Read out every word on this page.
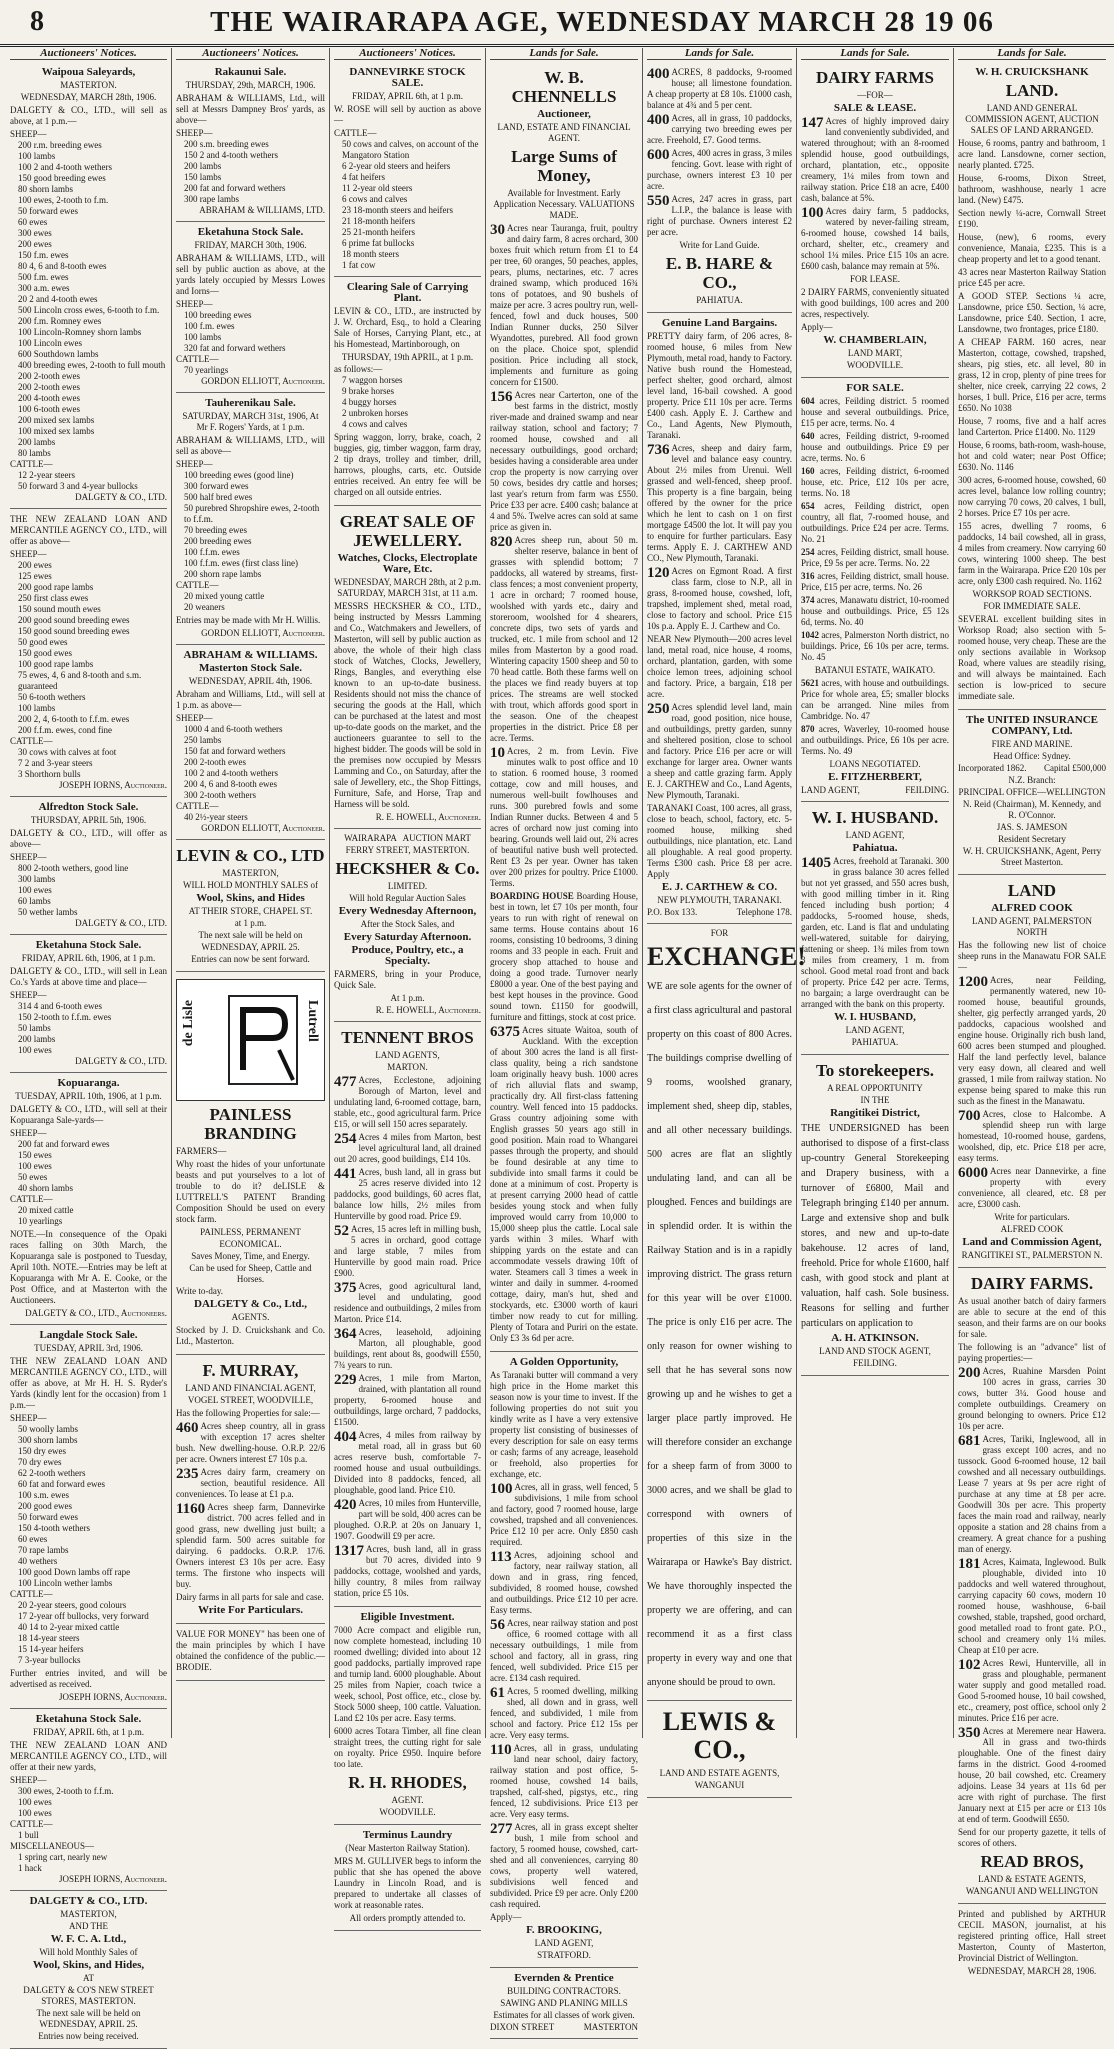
8	THE WAIRARAPA AGE, WEDNESDAY MARCH 28 19 06
Auctioneers' Notices.
Waipoua Saleyards,
MASTERTON.
WEDNESDAY, MARCH 28th, 1906.
DALGETY & CO., LTD., will sell as above, at 1 p.m.—
SHEEP—
200 r.m. breeding ewes
100 lambs
100 2 and 4-tooth wethers
150 good breeding ewes
80 shorn lambs
100 ewes, 2-tooth to f.m.
50 forward ewes
60 ewes
300 ewes
200 ewes
150 f.m. ewes
80 4, 6 and 8-tooth ewes
500 f.m. ewes
300 a.m. ewes
20 2 and 4-tooth ewes
500 Lincoln cross ewes, 6-tooth to f.m.
200 f.m. Romney ewes
100 Lincoln-Romney shorn lambs
100 Lincoln ewes
600 Southdown lambs
400 breeding ewes, 2-tooth to full mouth
200 2-tooth ewes
200 2-tooth ewes
200 4-tooth ewes
100 6-tooth ewes
200 mixed sex lambs
100 mixed sex lambs
200 lambs
80 lambs
CATTLE—
12 2-year steers
50 forward 3 and 4-year bullocks
DALGETY & CO., LTD.
THE NEW ZEALAND LOAN AND MERCANTILE AGENCY CO., LTD., will offer as above—
SHEEP—
200 ewes
125 ewes
200 good rape lambs
250 first class ewes
150 sound mouth ewes
200 good sound breeding ewes
150 good sound breeding ewes
50 good ewes
150 good ewes
100 good rape lambs
75 ewes, 4, 6 and 8-tooth and s.m. guaranteed
50 6-tooth wethers
100 lambs
200 2, 4, 6-tooth to f.f.m. ewes
200 f.f.m. ewes, cond fine
CATTLE—
30 cows with calves at foot
7 2 and 3-year steers
3 Shorthorn bulls
JOSEPH IORNS, Auctioneer.
Alfredton Stock Sale.
THURSDAY, APRIL 5th, 1906.
DALGETY & CO., LTD., will offer as above—
SHEEP—
800 2-tooth wethers, good line
300 lambs
100 ewes
60 lambs
50 wether lambs
DALGETY & CO., LTD.
Eketahuna Stock Sale.
FRIDAY, APRIL 6th, 1906, at 1 p.m.
DALGETY & CO., LTD., will sell in Lean Co.'s Yards at above time and place—
SHEEP—
314 4 and 6-tooth ewes
150 2-tooth to f.f.m. ewes
50 lambs
200 lambs
100 ewes
DALGETY & CO., LTD.
Kopuaranga.
TUESDAY, APRIL 10th, 1906, at 1 p.m.
DALGETY & CO., LTD., will sell at their Kopuaranga Sale-yards—
SHEEP—
200 fat and forward ewes
150 ewes
100 ewes
50 ewes
40 shorn lambs
CATTLE—
20 mixed cattle
10 yearlings
NOTE.—In consequence of the Opaki races falling on 30th March, the Kopuaranga sale is postponed to Tuesday, April 10th. NOTE.—Entries may be left at Kopuaranga with Mr A. E. Cooke, or the Post Office, and at Masterton with the Auctioneers.
DALGETY & CO., LTD., Auctioneers.
Langdale Stock Sale.
TUESDAY, APRIL 3rd, 1906.
THE NEW ZEALAND LOAN AND MERCANTILE AGENCY CO., LTD., will offer as above, at Mr H. H. S. Ryder's Yards (kindly lent for the occasion) from 1 p.m.—
SHEEP—
50 woolly lambs
300 shorn lambs
150 dry ewes
70 dry ewes
62 2-tooth wethers
60 fat and forward ewes
100 s.m. ewes
200 good ewes
50 forward ewes
150 4-tooth wethers
60 ewes
70 rape lambs
40 wethers
100 good Down lambs off rape
100 Lincoln wether lambs
CATTLE—
20 2-year steers, good colours
17 2-year off bullocks, very forward
40 14 to 2-year mixed cattle
18 14-year steers
15 14-year heifers
7 3-year bullocks
Further entries invited, and will be advertised as received.
JOSEPH IORNS, Auctioneer.
Eketahuna Stock Sale.
FRIDAY, APRIL 6th, at 1 p.m.
THE NEW ZEALAND LOAN AND MERCANTILE AGENCY CO., LTD., will offer at their new yards,
SHEEP—
300 ewes, 2-tooth to f.f.m.
100 ewes
100 ewes
CATTLE—
1 bull
MISCELLANEOUS—
1 spring cart, nearly new
1 hack
JOSEPH IORNS, Auctioneer.
DALGETY & CO., LTD.
MASTERTON,
AND THE
W. F. C. A. Ltd.,
Will hold Monthly Sales of
Wool, Skins, and Hides,
AT
DALGETY & CO'S NEW STREET STORES, MASTERTON.
The next sale will be held on WEDNESDAY, APRIL 25.
Entries now being received.
Auctioneers' Notices.
Rakaunui Sale.
THURSDAY, 29th, MARCH, 1906.
ABRAHAM & WILLIAMS, Ltd., will sell at Messrs Dampney Bros' yards, as above—
SHEEP—
200 s.m. breeding ewes
150 2 and 4-tooth wethers
200 lambs
150 lambs
200 fat and forward wethers
300 rape lambs
ABRAHAM & WILLIAMS, LTD.
Eketahuna Stock Sale.
FRIDAY, MARCH 30th, 1906.
ABRAHAM & WILLIAMS, LTD., will sell by public auction as above, at the yards lately occupied by Messrs Lowes and Iorns—
SHEEP—
100 breeding ewes
100 f.m. ewes
100 lambs
320 fat and forward wethers
CATTLE—
70 yearlings
GORDON ELLIOTT, Auctioneer.
Tauherenikau Sale.
SATURDAY, MARCH 31st, 1906, At Mr F. Rogers' Yards, at 1 p.m.
ABRAHAM & WILLIAMS, LTD., will sell as above—
SHEEP—
100 breeding ewes (good line)
300 forward ewes
500 half bred ewes
50 purebred Shropshire ewes, 2-tooth to f.f.m.
70 breeding ewes
200 breeding ewes
100 f.f.m. ewes
100 f.f.m. ewes (first class line)
200 shorn rape lambs
CATTLE—
20 mixed young cattle
20 weaners
Entries may be made with Mr H. Willis.
GORDON ELLIOTT, Auctioneer.
ABRAHAM & WILLIAMS.
Masterton Stock Sale.
WEDNESDAY, APRIL 4th, 1906.
Abraham and Williams, Ltd., will sell at 1 p.m. as above—
SHEEP—
1000 4 and 6-tooth wethers
250 lambs
150 fat and forward wethers
200 2-tooth ewes
100 2 and 4-tooth wethers
200 4, 6 and 8-tooth ewes
300 2-tooth wethers
CATTLE—
40 2½-year steers
GORDON ELLIOTT, Auctioneer.
LEVIN & CO., LTD
MASTERTON,
WILL HOLD MONTHLY SALES of
Wool, Skins, and Hides
AT THEIR STORE, CHAPEL ST.
at 1 p.m.
The next sale will be held on
WEDNESDAY, APRIL 25.
Entries can now be sent forward.
de Lisle	Lutrell
PAINLESS BRANDING
FARMERS—
Why roast the hides of your unfortunate beasts and put yourselves to a lot of trouble to do it? deLISLE & LUTTRELL'S PATENT Branding Composition Should be used on every stock farm.
PAINLESS, PERMANENT
ECONOMICAL.
Saves Money, Time, and Energy.
Can be used for Sheep, Cattle and Horses.
Write to-day.
DALGETY & Co., Ltd.,
AGENTS.
Stocked by J. D. Cruickshank and Co. Ltd., Masterton.
F. MURRAY,
LAND AND FINANCIAL AGENT,
VOGEL STREET, WOODVILLE,
Has the following Properties for sale:—
460 Acres sheep country, all in grass with exception 17 acres shelter bush. New dwelling-house. O.R.P. 22/6 per acre. Owners interest £7 10s p.a.
235 Acres dairy farm, creamery on section, beautiful residence. All conveniences. To lease at £1 p.a.
1160 Acres sheep farm, Dannevirke district. 700 acres felled and in good grass, new dwelling just built; a splendid farm. 500 acres suitable for dairying. 6 paddocks. O.R.P. 17/6. Owners interest £3 10s per acre. Easy terms. The firstone who inspects will buy.
Dairy farms in all parts for sale and case.
Write For Particulars.
VALUE FOR MONEY" has been one of the main principles by which I have obtained the confidence of the public.—BRODIE.
Auctioneers' Notices.
DANNEVIRKE STOCK SALE.
FRIDAY, APRIL 6th, at 1 p.m.
W. ROSE will sell by auction as above—
CATTLE—
50 cows and calves, on account of the Mangatoro Station
6 2-year old steers and heifers
4 fat heifers
11 2-year old steers
6 cows and calves
23 18-month steers and heifers
21 18-month heifers
25 21-month heifers
6 prime fat bullocks
18 month steers
1 fat cow
Clearing Sale of Carrying Plant.
LEVIN & CO., LTD., are instructed by J. W. Orchard, Esq., to hold a Clearing Sale of Horses, Carrying Plant, etc., at his Homestead, Martinborough, on
THURSDAY, 19th APRIL, at 1 p.m.
as follows:—
7 waggon horses
9 brake horses
4 buggy horses
2 unbroken horses
4 cows and calves
Spring waggon, lorry, brake, coach, 2 buggies, gig, timber waggon, farm dray, 2 tip drays, trolley and timber, drill, harrows, ploughs, carts, etc. Outside entries received. An entry fee will be charged on all outside entries.
GREAT SALE OF JEWELLERY.
Watches, Clocks, Electroplate Ware, Etc.
WEDNESDAY, MARCH 28th, at 2 p.m. SATURDAY, MARCH 31st, at 11 a.m.
MESSRS HECKSHER & CO., LTD., being instructed by Messrs Lamming and Co., Watchmakers and Jewellers, of Masterton, will sell by public auction as above, the whole of their high class stock of Watches, Clocks, Jewellery, Rings, Bangles, and everything else known to an up-to-date business. Residents should not miss the chance of securing the goods at the Hall, which can be purchased at the latest and most up-to-date goods on the market, and the auctioneers guarantee to sell to the highest bidder. The goods will be sold in the premises now occupied by Messrs Lamming and Co., on Saturday, after the sale of Jewellery, etc., the Shop Fittings, Furniture, Safe, and Horse, Trap and Harness will be sold.
R. E. HOWELL, Auctioneer.
WAIRARAPA AUCTION MART
FERRY STREET, MASTERTON.
HECKSHER & Co.
LIMITED.
Will hold Regular Auction Sales
Every Wednesday Afternoon,
After the Stock Sales, and
Every Saturday Afternoon.
Produce, Poultry, etc., a Specialty.
FARMERS, bring in your Produce, Quick Sale.
At 1 p.m.
R. E. HOWELL, Auctioneer.
TENNENT BROS
LAND AGENTS,
MARTON.
477 Acres, Ecclestone, adjoining Borough of Marton, level and undulating land, 6-roomed cottage, barn, stable, etc., good agricultural farm. Price £15, or will sell 150 acres separately.
254 Acres 4 miles from Marton, best level agricultural land, all drained out 20 acres, good buildings, £14 10s.
441 Acres, bush land, all in grass but 25 acres reserve divided into 12 paddocks, good buildings, 60 acres flat, balance low hills, 2½ miles from Hunterville by good road. Price £9.
52 Acres, 15 acres left in milling bush, 5 acres in orchard, good cottage and large stable, 7 miles from Hunterville by good main road. Price £900.
375 Acres, good agricultural land, level and undulating, good residence and outbuildings, 2 miles from Marton. Price £14.
364 Acres, leasehold, adjoining Marton, all ploughable, good buildings, rent about 8s, goodwill £550, 7¾ years to run.
229 Acres, 1 mile from Marton, drained, with plantation all round property, 6-roomed house and outbuildings, large orchard, 7 paddocks, £1500.
404 Acres, 4 miles from railway by metal road, all in grass but 60 acres reserve bush, comfortable 7-roomed house and usual outbuildings. Divided into 8 paddocks, fenced, all ploughable, good land. Price £10.
420 Acres, 10 miles from Hunterville, part will be sold, 400 acres can be ploughed. O.R.P. at 20s on January 1, 1907. Goodwill £9 per acre.
1317 Acres, bush land, all in grass but 70 acres, divided into 9 paddocks, cottage, woolshed and yards, hilly country, 8 miles from railway station, price £5 10s.
Eligible Investment.
7000 Acre compact and eligible run, now complete homestead, including 10 roomed dwelling; divided into about 12 good paddocks, partially improved rape and turnip land. 6000 ploughable. About 25 miles from Napier, coach twice a week, school, Post office, etc., close by. Stock 5000 sheep, 100 cattle. Valuation. Land £2 10s per acre. Easy terms.
6000 acres Totara Timber, all fine clean straight trees, the cutting right for sale on royalty. Price £950. Inquire before too late.
R. H. RHODES,
AGENT.
WOODVILLE.
Terminus Laundry
(Near Masterton Railway Station).
MRS M. GULLIVER begs to inform the public that she has opened the above Laundry in Lincoln Road, and is prepared to undertake all classes of work at reasonable rates.
All orders promptly attended to.
Lands for Sale.
W. B. CHENNELLS
Auctioneer,
LAND, ESTATE AND FINANCIAL AGENT.
Large Sums of Money,
Available for Investment. Early Application Necessary. VALUATIONS MADE.
30 Acres near Tauranga, fruit, poultry and dairy farm, 8 acres orchard, 300 boxes fruit which return from £1 to £4 per tree, 60 oranges, 50 peaches, apples, pears, plums, nectarines, etc. 7 acres drained swamp, which produced 16¾ tons of potatoes, and 90 bushels of maize per acre. 3 acres poultry run, well-fenced, fowl and duck houses, 500 Indian Runner ducks, 250 Silver Wyandottes, purebred. All food grown on the place. Choice spot, splendid position. Price including all stock, implements and furniture as going concern for £1500.
156 Acres near Carterton, one of the best farms in the district, mostly river-made and drained swamp and near railway station, school and factory; 7 roomed house, cowshed and all necessary outbuildings, good orchard; besides having a considerable area under crop the property is now carrying over 50 cows, besides dry cattle and horses; last year's return from farm was £550. Price £33 per acre. £400 cash; balance at 4 and 5%. Twelve acres can sold at same price as given in.
820 Acres sheep run, about 50 m. shelter reserve, balance in bent of grasses with splendid bottom; 7 paddocks, all watered by streams, first-class fences; a most convenient property, 1 acre in orchard; 7 roomed house, woolshed with yards etc., dairy and storeroom, woolshed for 4 shearers, concrete dips, two sets of yards and trucked, etc. 1 mile from school and 12 miles from Masterton by a good road. Wintering capacity 1500 sheep and 50 to 70 head cattle. Both these farms well on the places we find ready buyers at top prices. The streams are well stocked with trout, which affords good sport in the season. One of the cheapest properties in the district. Price £8 per acre. Terms.
10 Acres, 2 m. from Levin. Five minutes walk to post office and 10 to station. 6 roomed house, 3 roomed cottage, cow and mill houses, and numerous well-built fowlhouses and runs. 300 purebred fowls and some Indian Runner ducks. Between 4 and 5 acres of orchard now just coming into bearing. Grounds well laid out, 2¾ acres of beautiful native bush well protected. Rent £3 2s per year. Owner has taken over 200 prizes for poultry. Price £1000. Terms.
BOARDING HOUSE Boarding House, best in town, let £7 10s per month, four years to run with right of renewal on same terms. House contains about 16 rooms, consisting 10 bedrooms, 3 dining rooms and 33 people in each. Fruit and grocery shop attached to house and doing a good trade. Turnover nearly £8000 a year. One of the best paying and best kept houses in the province. Good sound town. £1150 for goodwill, furniture and fittings, stock at cost price.
6375 Acres situate Waitoa, south of Auckland. With the exception of about 300 acres the land is all first-class quality, being a rich sandstone loam originally heavy bush. 1000 acres of rich alluvial flats and swamp, practically dry. All first-class fattening country. Well fenced into 15 paddocks. Grass country adjoining some with English grasses 50 years ago still in good position. Main road to Whangarei passes through the property, and should be found desirable at any time to subdivide into small farms it could be done at a minimum of cost. Property is at present carrying 2000 head of cattle besides young stock and when fully improved would carry from 10,000 to 15,000 sheep plus the cattle. Local sale yards within 3 miles. Wharf with shipping yards on the estate and can accommodate vessels drawing 10ft of water. Steamers call 3 times a week in winter and daily in summer. 4-roomed cottage, dairy, man's hut, shed and stockyards, etc. £3000 worth of kauri timber now ready to cut for milling. Plenty of Totara and Puriri on the estate. Only £3 3s 6d per acre.
A Golden Opportunity,
As Taranaki butter will command a very high price in the Home market this season now is your time to invest. If the following properties do not suit you kindly write as I have a very extensive property list consisting of businesses of every description for sale on easy terms or cash; farms of any acreage, leasehold or freehold, also properties for exchange, etc.
100 Acres, all in grass, well fenced, 5 subdivisions, 1 mile from school and factory, good 7 roomed house, large cowshed, trapshed and all conveniences. Price £12 10 per acre. Only £850 cash required.
113 Acres, adjoining school and factory, near railway station, all down and in grass, ring fenced, subdivided, 8 roomed house, cowshed and outbuildings. Price £12 10 per acre. Easy terms.
56 Acres, near railway station and post office, 6 roomed cottage with all necessary outbuildings, 1 mile from school and factory, all in grass, ring fenced, well subdivided. Price £15 per acre. £134 cash required.
61 Acres, 5 roomed dwelling, milking shed, all down and in grass, well fenced, and subdivided, 1 mile from school and factory. Price £12 15s per acre. Very easy terms.
110 Acres, all in grass, undulating land near school, dairy factory, railway station and post office, 5-roomed house, cowshed 14 bails, trapshed, calf-shed, pigstys, etc., ring fenced, 12 subdivisions. Price £13 per acre. Very easy terms.
277 Acres, all in grass except shelter bush, 1 mile from school and factory, 5 roomed house, cowshed, cart-shed and all conveniences, carrying 80 cows, property well watered, subdivisions well fenced and subdivided. Price £9 per acre. Only £200 cash required.
Apply—
F. BROOKING,
LAND AGENT,
STRATFORD.
Evernden & Prentice
BUILDING CONTRACTORS.
SAWING AND PLANING MILLS
Estimates for all classes of work given.
DIXON STREET	MASTERTON
Lands for Sale.
400 ACRES, 8 paddocks, 9-roomed house; all limestone foundation. A cheap property at £8 10s. £1000 cash, balance at 4¾ and 5 per cent.
400 Acres, all in grass, 10 paddocks, carrying two breeding ewes per acre. Freehold, £7. Good terms.
600 Acres, 400 acres in grass, 3 miles fencing. Govt. lease with right of purchase, owners interest £3 10 per acre.
550 Acres, 247 acres in grass, part L.I.P., the balance is lease with right of purchase. Owners interest £2 per acre.
Write for Land Guide.
E. B. HARE & CO.,
PAHIATUA.
Genuine Land Bargains.
PRETTY dairy farm, of 206 acres, 8-roomed house, 6 miles from New Plymouth, metal road, handy to Factory. Native bush round the Homestead, perfect shelter, good orchard, almost level land, 16-bail cowshed. A good property. Price £11 10s per acre. Terms £400 cash. Apply E. J. Carthew and Co., Land Agents, New Plymouth, Taranaki.
736 Acres, sheep and dairy farm, level and balance easy country. About 2½ miles from Urenui. Well grassed and well-fenced, sheep proof. This property is a fine bargain, being offered by the owner for the price which he lent to cash on 1 on first mortgage £4500 the lot. It will pay you to enquire for further particulars. Easy terms. Apply E. J. CARTHEW AND CO., New Plymouth, Taranaki.
120 Acres on Egmont Road. A first class farm, close to N.P., all in grass, 8-roomed house, cowshed, loft, trapshed, implement shed, metal road, close to factory and school. Price £15 10s p.a. Apply E. J. Carthew and Co.
NEAR New Plymouth—200 acres level land, metal road, nice house, 4 rooms, orchard, plantation, garden, with some choice lemon trees, adjoining school and factory. Price, a bargain, £18 per acre.
250 Acres splendid level land, main road, good position, nice house, and outbuildings, pretty garden, sunny and sheltered position, close to school and factory. Price £16 per acre or will exchange for larger area. Owner wants a sheep and cattle grazing farm. Apply E. J. CARTHEW and Co., Land Agents, New Plymouth, Taranaki.
TARANAKI Coast, 100 acres, all grass, close to beach, school, factory, etc. 5-roomed house, milking shed outbuildings, nice plantation, etc. Land all ploughable. A real good property. Terms £300 cash. Price £8 per acre. Apply
E. J. CARTHEW & CO.
NEW PLYMOUTH, TARANAKI.
P.O. Box 133.	Telephone 178.
FOR
EXCHANGE!
WE are sole agents for the owner of a first class agricultural and pastoral property on this coast of 800 Acres. The buildings comprise dwelling of 9 rooms, woolshed granary, implement shed, sheep dip, stables, and all other necessary buildings. 500 acres are flat an slightly undulating land, and can all be ploughed. Fences and buildings are in splendid order. It is within the Railway Station and is in a rapidly improving district. The grass return for this year will be over £1000. The price is only £16 per acre. The only reason for owner wishing to sell that he has several sons now growing up and he wishes to get a larger place partly improved. He will therefore consider an exchange for a sheep farm of from 3000 to 3000 acres, and we shall be glad to correspond with owners of properties of this size in the Wairarapa or Hawke's Bay district. We have thoroughly inspected the property we are offering, and can recommend it as a first class property in every way and one that anyone should be proud to own.
LEWIS & CO.,
LAND AND ESTATE AGENTS,
WANGANUI
Lands for Sale.
DAIRY FARMS
—FOR—
SALE & LEASE.
147 Acres of highly improved dairy land conveniently subdivided, and watered throughout; with an 8-roomed splendid house, good outbuildings, orchard, plantation, etc., opposite creamery, 1¼ miles from town and railway station. Price £18 an acre, £400 cash, balance at 5%.
100 Acres dairy farm, 5 paddocks, watered by never-failing stream, 6-roomed house, cowshed 14 bails, orchard, shelter, etc., creamery and school 1¼ miles. Price £15 10s an acre. £600 cash, balance may remain at 5%.
FOR LEASE.
2 DAIRY FARMS, conveniently situated with good buildings, 100 acres and 200 acres, respectively.
Apply—
W. CHAMBERLAIN,
LAND MART,
WOODVILLE.
FOR SALE.
604 acres, Feilding district. 5 roomed house and several outbuildings. Price, £15 per acre, terms. No. 4
640 acres, Feilding district, 9-roomed house and outbuildings. Price £9 per acre, terms. No. 6
160 acres, Feilding district, 6-roomed house, etc. Price, £12 10s per acre, terms. No. 18
654 acres, Feilding district, open country, all flat, 7-roomed house, and outbuildings. Price £24 per acre. Terms. No. 21
254 acres, Feilding district, small house. Price, £9 5s per acre. Terms. No. 22
316 acres, Feilding district, small house. Price, £15 per acre, terms. No. 26
374 acres, Manawatu district, 10-roomed house and outbuildings. Price, £5 12s 6d, terms. No. 40
1042 acres, Palmerston North district, no buildings. Price, £6 10s per acre, terms. No. 45
BATANUI ESTATE, WAIKATO.
5621 acres, with house and outbuildings. Price for whole area, £5; smaller blocks can be arranged. Nine miles from Cambridge. No. 47
870 acres, Waverley, 10-roomed house and outbuildings. Price, £6 10s per acre. Terms. No. 49
LOANS NEGOTIATED.
E. FITZHERBERT,
LAND AGENT,	FEILDING.
W. I. HUSBAND.
LAND AGENT,
Pahiatua.
1405 Acres, freehold at Taranaki. 300 in grass balance 30 acres felled but not yet grassed, and 550 acres bush, with good milling timber in it. Ring fenced including bush portion; 4 paddocks, 5-roomed house, sheds, garden, etc. Land is flat and undulating well-watered, suitable for dairying, fattening or sheep. 1¾ miles from town 3 miles from creamery, 1 m. from school. Good metal road front and back of property. Price £42 per acre. Terms, no bargain; a large overdraught can be arranged with the bank on this property.
W. I. HUSBAND,
LAND AGENT,
PAHIATUA.
To storekeepers.
A REAL OPPORTUNITY
IN THE
Rangitikei District,
THE UNDERSIGNED has been authorised to dispose of a first-class up-country General Storekeeping and Drapery business, with a turnover of £6800, Mail and Telegraph bringing £140 per annum. Large and extensive shop and bulk stores, and new and up-to-date bakehouse. 12 acres of land, freehold. Price for whole £1600, half cash, with good stock and plant at valuation, half cash. Sole business. Reasons for selling and further particulars on application to
A. H. ATKINSON.
LAND AND STOCK AGENT,
FEILDING.
Lands for Sale.
W. H. CRUICKSHANK
LAND.
LAND AND GENERAL COMMISSION AGENT, AUCTION SALES OF LAND ARRANGED.
House, 6 rooms, pantry and bathroom, 1 acre land. Lansdowne, corner section, nearly planted. £725.
House, 6-rooms, Dixon Street, bathroom, washhouse, nearly 1 acre land. (New) £475.
Section newly ¼-acre, Cornwall Street £190.
House, (new), 6 rooms, every convenience, Manaia, £235. This is a cheap property and let to a good tenant.
43 acres near Masterton Railway Station price £45 per acre.
A GOOD STEP. Sections ¼ acre, Lansdowne, price £50. Section, ¼ acre, Lansdowne, price £40. Section, 1 acre, Lansdowne, two frontages, price £180.
A CHEAP FARM. 160 acres, near Masterton, cottage, cowshed, trapshed, shears, pig sties, etc. all level, 80 in grass, 12 in crop, plenty of pine trees for shelter, nice creek, carrying 22 cows, 2 horses, 1 bull. Price, £16 per acre, terms £650. No 1038
House, 7 rooms, five and a half acres land Carterton. Price £1400. No. 1129
House, 6 rooms, bath-room, wash-house, hot and cold water; near Post Office; £630. No. 1146
300 acres, 6-roomed house, cowshed, 60 acres level, balance low rolling country; now carrying 70 cows, 20 calves, 1 bull, 2 horses. Price £7 10s per acre.
155 acres, dwelling 7 rooms, 6 paddocks, 14 bail cowshed, all in grass, 4 miles from creamery. Now carrying 60 cows, wintering 1000 sheep. The best farm in the Wairarapa. Price £20 10s per acre, only £300 cash required. No. 1162
WORKSOP ROAD SECTIONS.
FOR IMMEDIATE SALE.
SEVERAL excellent building sites in Worksop Road; also section with 5-roomed house, very cheap. These are the only sections available in Worksop Road, where values are steadily rising, and will always be maintained. Each section is low-priced to secure immediate sale.
The UNITED INSURANCE COMPANY, Ltd.
FIRE AND MARINE.
Head Office: Sydney.
Incorporated 1862. Capital £500,000
N.Z. Branch:
PRINCIPAL OFFICE—WELLINGTON
N. Reid (Chairman), M. Kennedy, and R. O'Connor.
JAS. S. JAMESON
Resident Secretary
W. H. CRUICKSHANK, Agent, Perry Street Masterton.
LAND
ALFRED COOK
LAND AGENT, PALMERSTON NORTH
Has the following new list of choice sheep runs in the Manawatu FOR SALE—
1200 Acres, near Feilding, permanently watered, new 10-roomed house, beautiful grounds, shelter, gig perfectly arranged yards, 20 paddocks, capacious woolshed and engine house. Originally rich bush land, 600 acres been stumped and ploughed. Half the land perfectly level, balance very easy down, all cleared and well grassed, 1 mile from railway station. No expense being spared to make this run such as the finest in the Manawatu.
700 Acres, close to Halcombe. A splendid sheep run with large homestead, 10-roomed house, gardens, woolshed, dip, etc. Price £18 per acre, easy terms.
6000 Acres near Dannevirke, a fine property with every convenience, all cleared, etc. £8 per acre, £3000 cash.
Write for particulars.
ALFRED COOK
Land and Commission Agent,
RANGITIKEI ST., PALMERSTON N.
DAIRY FARMS.
As usual another batch of dairy farmers are able to secure at the end of this season, and their farms are on our books for sale.
The following is an "advance" list of paying properties:—
200 Acres, Ruahine Marsden Point 100 acres in grass, carries 30 cows, butter 3¼. Good house and complete outbuildings. Creamery on ground belonging to owners. Price £12 10s per acre.
681 Acres, Tariki, Inglewood, all in grass except 100 acres, and no tussock. Good 6-roomed house, 12 bail cowshed and all necessary outbuildings. Lease 7 years at 9s per acre right of purchase at any time at £8 per acre. Goodwill 30s per acre. This property faces the main road and railway, nearly opposite a station and 28 chains from a creamery. A great chance for a pushing man of energy.
181 Acres, Kaimata, Inglewood. Bulk ploughable, divided into 10 paddocks and well watered throughout, carrying capacity 60 cows, modern 10 roomed house, washhouse, 6-bail cowshed, stable, trapshed, good orchard, good metalled road to front gate. P.O., school and creamery only 1¼ miles. Cheap at £10 per acre.
102 Acres Rewi, Hunterville, all in grass and ploughable, permanent water supply and good metalled road. Good 5-roomed house, 10 bail cowshed, etc., creamery, post office, school only 2 minutes. Price £16 per acre.
350 Acres at Meremere near Hawera. All in grass and two-thirds ploughable. One of the finest dairy farms in the district. Good 4-roomed house, 20 bail cowshed, etc. Creamery adjoins. Lease 34 years at 11s 6d per acre with right of purchase. The first January next at £15 per acre or £13 10s at end of term. Goodwill £650.
Send for our property gazette, it tells of scores of others.
READ BROS,
LAND & ESTATE AGENTS,
WANGANUI AND WELLINGTON
Printed and published by ARTHUR CECIL MASON, journalist, at his registered printing office, Hall street Masterton, County of Masterton, Provincial District of Wellington.
WEDNESDAY, MARCH 28, 1906.
